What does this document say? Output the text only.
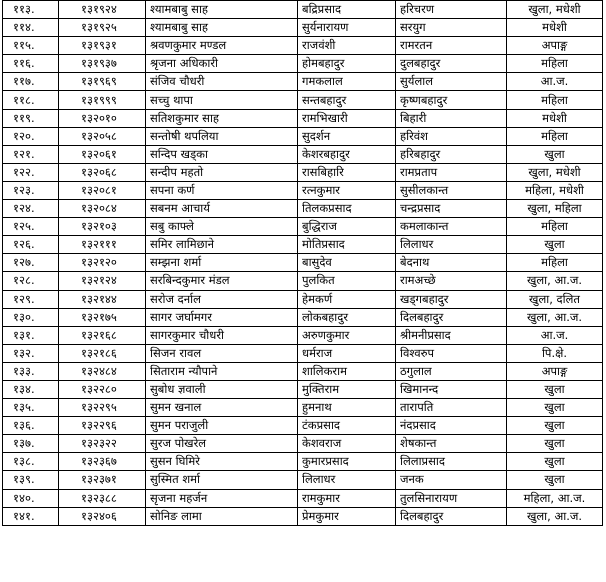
११३.	१३१९२४	श्यामबाबु साह	बद्रिप्रसाद	हरिचरण	खुला, मधेशी
११४.	१३१९२५	श्यामबाबु साह	सुर्यनारायण	सरयुग	मधेशी
११५.	१३१९३१	श्रवणकुमार मण्डल	राजवंशी	रामरतन	अपाङ्ग
११६.	१३१९३७	श्रृजना अधिकारी	होमबहादुर	दुलबहादुर	महिला
११७.	१३१९६९	संजिव चौधरी	गमकलाल	सुर्यलाल	आ.ज.
११८.	१३१९९९	सच्चु थापा	सन्तबहादुर	कृष्णबहादुर	महिला
११९.	१३२०१०	सतिशकुमार साह	रामभिखारी	बिहारी	मधेशी
१२०.	१३२०५८	सन्तोषी थपलिया	सुदर्शन	हरिवंश	महिला
१२१.	१३२०६१	सन्दिप खड्का	केशरबहादुर	हरिबहादुर	खुला
१२२.	१३२०६८	सन्दीप महतो	रासबिहारि	रामप्रताप	खुला, मधेशी
१२३.	१३२०८१	सपना कर्ण	रत्नकुमार	सुसीलकान्त	महिला, मधेशी
१२४.	१३२०८४	सबनम आचार्य	तिलकप्रसाद	चन्द्रप्रसाद	खुला, महिला
१२५.	१३२१०३	सबु काफ्ले	बुद्धिराज	कमलाकान्त	महिला
१२६.	१३२१११	समिर लामिछाने	मोतिप्रसाद	लिलाधर	खुला
१२७.	१३२१२०	सम्झना शर्मा	बासुदेव	बेदनाथ	महिला
१२८.	१३२१२४	सरबिन्दकुमार मंडल	पुलकित	रामअच्छे	खुला, आ.ज.
१२९.	१३२१४४	सरोज दर्नाल	हेमकर्ण	खड्गबहादुर	खुला, दलित
१३०.	१३२१७५	सागर जर्घामगर	लोकबहादुर	दिलबहादुर	खुला, आ.ज.
१३१.	१३२१६८	सागरकुमार चौधरी	अरुणकुमार	श्रीमनीप्रसाद	आ.ज.
१३२.	१३२१८६	सिजन रावल	धर्मराज	विश्वरुप	पि.क्षे.
१३३.	१३२४८४	सिताराम न्यौपाने	शालिकराम	ठगुलाल	अपाङ्ग
१३४.	१३२२८०	सुबोध ज्ञवाली	मुक्तिराम	खिमानन्द	खुला
१३५.	१३२२९५	सुमन खनाल	हुमनाथ	तारापति	खुला
१३६.	१३२२९६	सुमन पराजुली	टंकप्रसाद	नंदप्रसाद	खुला
१३७.	१३२३२२	सुरज पोखरेल	केशवराज	शेषकान्त	खुला
१३८.	१३२३६७	सुसन घिमिरे	कुमारप्रसाद	लिलाप्रसाद	खुला
१३९.	१३२३७१	सुस्मित शर्मा	लिलाधर	जनक	खुला
१४०.	१३२३८८	सृजना महर्जन	रामकुमार	तुलसिनारायण	महिला, आ.ज.
१४१.	१३२४०६	सोनिङ लामा	प्रेमकुमार	दिलबहादुर	खुला, आ.ज.
